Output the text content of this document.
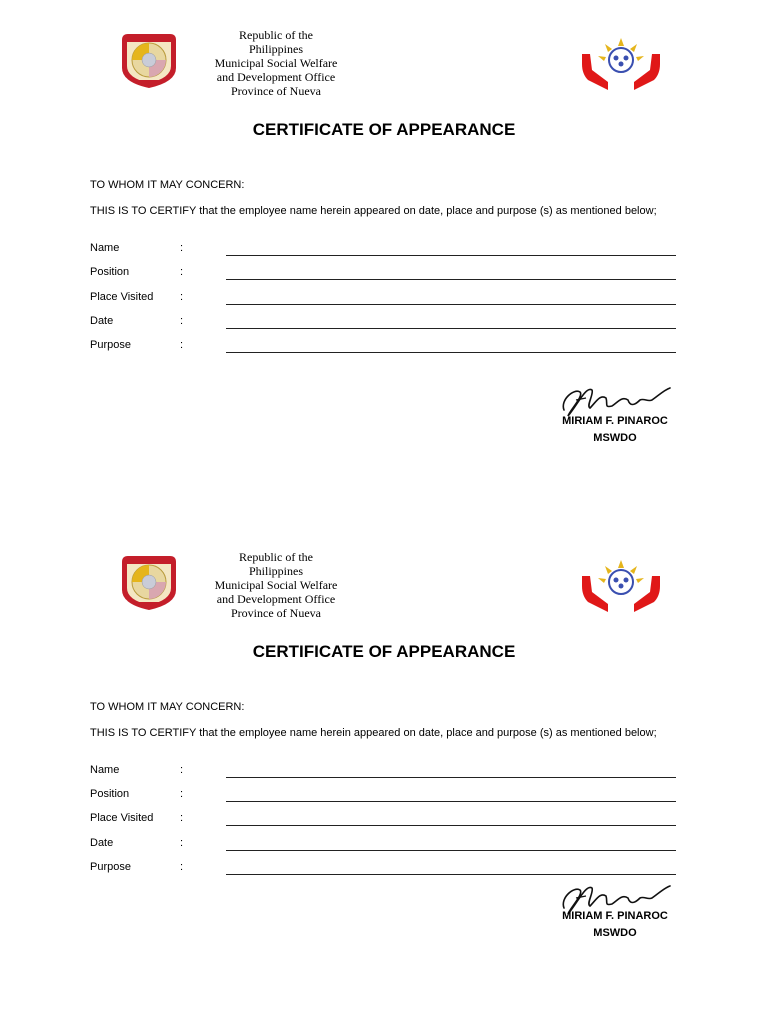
Republic of the
Philippines
Municipal Social Welfare
and Development Office
Province of Nueva
CERTIFICATE OF APPEARANCE
TO WHOM IT MAY CONCERN:
THIS IS TO CERTIFY that the employee name herein appeared on date, place and purpose (s) as mentioned below;
Name	:
Position	:
Place Visited :
Date	:
Purpose	:
MIRIAM F. PINAROC
MSWDO
Republic of the
Philippines
Municipal Social Welfare
and Development Office
Province of Nueva
CERTIFICATE OF APPEARANCE
TO WHOM IT MAY CONCERN:
THIS IS TO CERTIFY that the employee name herein appeared on date, place and purpose (s) as mentioned below;
Name	:
Position	:
Place Visited :
Date	:
Purpose	:
MIRIAM F. PINAROC
MSWDO
